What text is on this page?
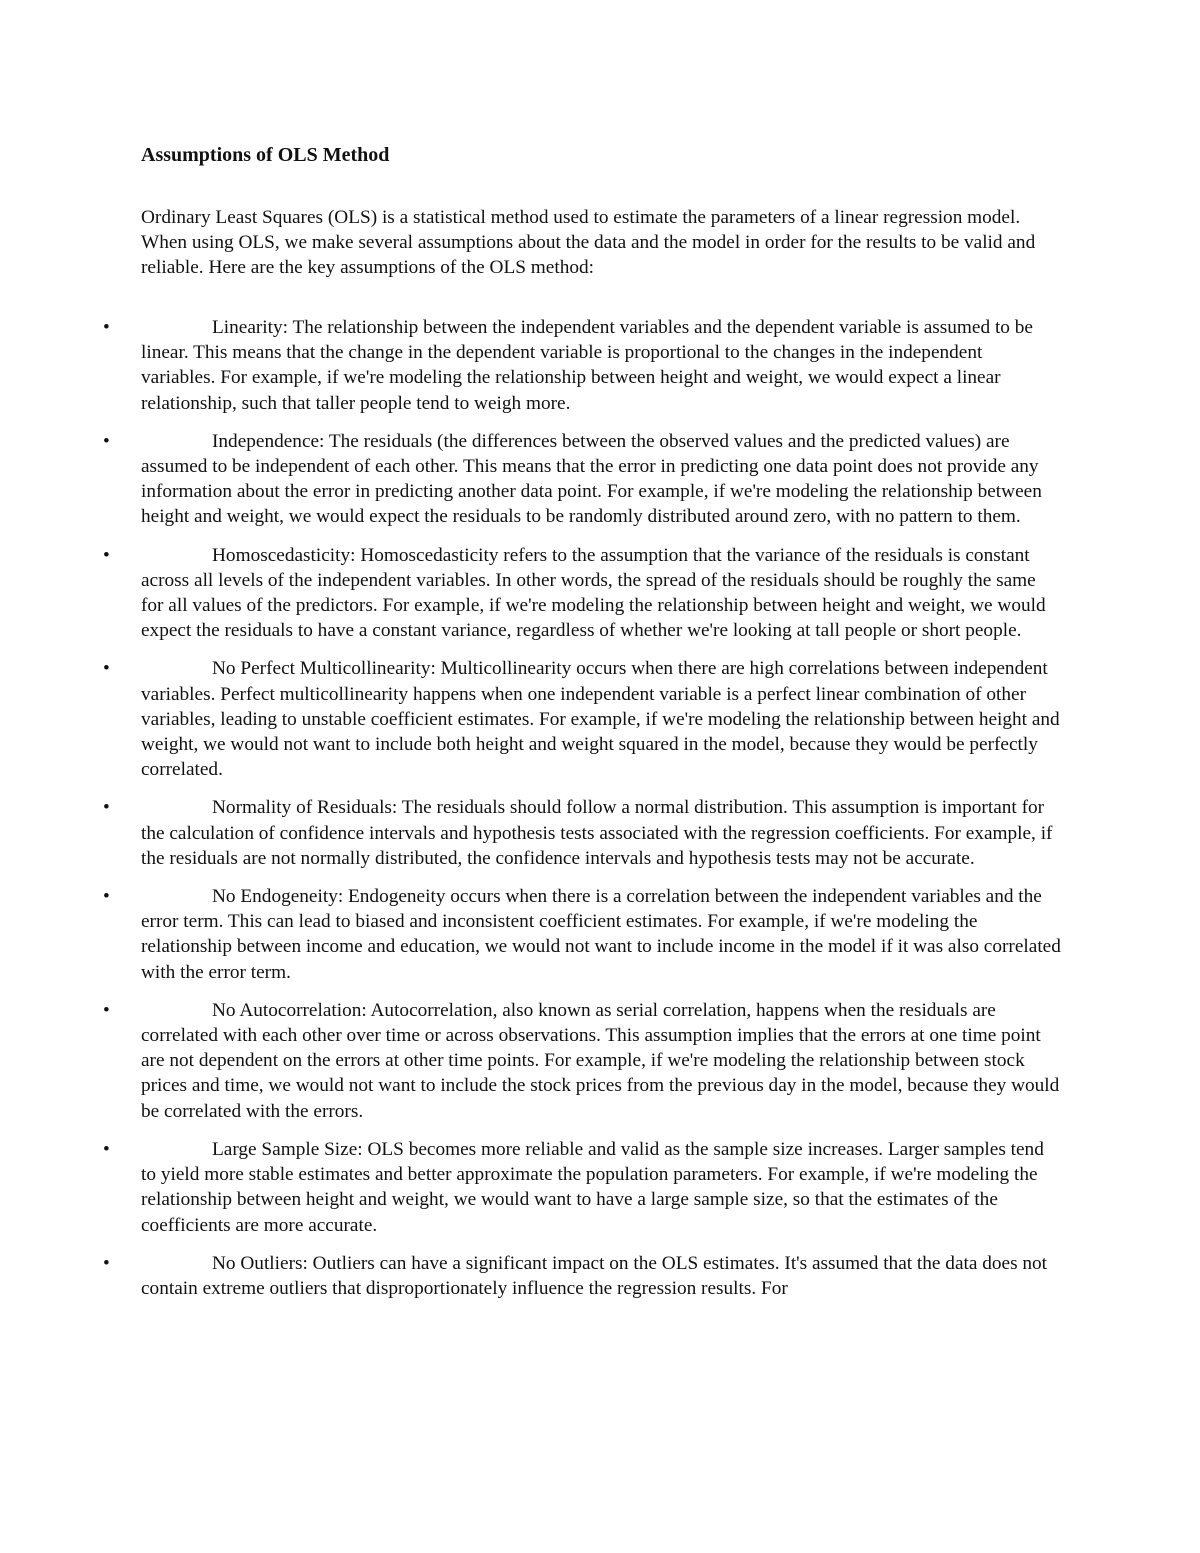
Assumptions of OLS Method

Ordinary Least Squares (OLS) is a statistical method used to estimate the parameters of a linear regression model. When using OLS, we make several assumptions about the data and the model in order for the results to be valid and reliable. Here are the key assumptions of the OLS method:

•	Linearity: The relationship between the independent variables and the dependent variable is assumed to be linear. This means that the change in the dependent variable is proportional to the changes in the independent variables. For example, if we're modeling the relationship between height and weight, we would expect a linear relationship, such that taller people tend to weigh more.

•	Independence: The residuals (the differences between the observed values and the predicted values) are assumed to be independent of each other. This means that the error in predicting one data point does not provide any information about the error in predicting another data point. For example, if we're modeling the relationship between height and weight, we would expect the residuals to be randomly distributed around zero, with no pattern to them.

•	Homoscedasticity: Homoscedasticity refers to the assumption that the variance of the residuals is constant across all levels of the independent variables. In other words, the spread of the residuals should be roughly the same for all values of the predictors. For example, if we're modeling the relationship between height and weight, we would expect the residuals to have a constant variance, regardless of whether we're looking at tall people or short people.

•	No Perfect Multicollinearity: Multicollinearity occurs when there are high correlations between independent variables. Perfect multicollinearity happens when one independent variable is a perfect linear combination of other variables, leading to unstable coefficient estimates. For example, if we're modeling the relationship between height and weight, we would not want to include both height and weight squared in the model, because they would be perfectly correlated.

•	Normality of Residuals: The residuals should follow a normal distribution. This assumption is important for the calculation of confidence intervals and hypothesis tests associated with the regression coefficients. For example, if the residuals are not normally distributed, the confidence intervals and hypothesis tests may not be accurate.

•	No Endogeneity: Endogeneity occurs when there is a correlation between the independent variables and the error term. This can lead to biased and inconsistent coefficient estimates. For example, if we're modeling the relationship between income and education, we would not want to include income in the model if it was also correlated with the error term.

•	No Autocorrelation: Autocorrelation, also known as serial correlation, happens when the residuals are correlated with each other over time or across observations. This assumption implies that the errors at one time point are not dependent on the errors at other time points. For example, if we're modeling the relationship between stock prices and time, we would not want to include the stock prices from the previous day in the model, because they would be correlated with the errors.

•	Large Sample Size: OLS becomes more reliable and valid as the sample size increases. Larger samples tend to yield more stable estimates and better approximate the population parameters. For example, if we're modeling the relationship between height and weight, we would want to have a large sample size, so that the estimates of the coefficients are more accurate.

•	No Outliers: Outliers can have a significant impact on the OLS estimates. It's assumed that the data does not contain extreme outliers that disproportionately influence the regression results. For
